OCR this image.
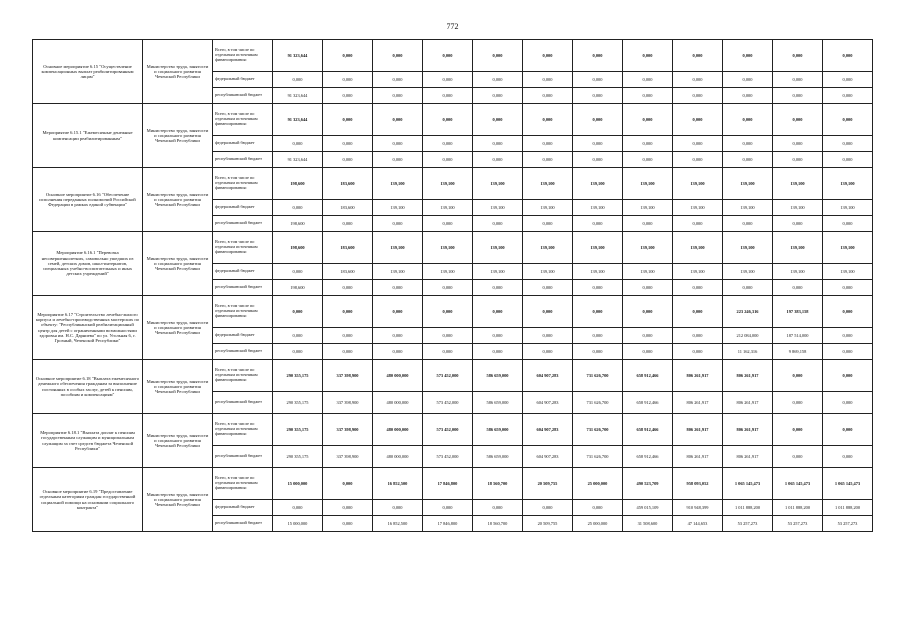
772
Основное мероприятие 6.15 "Осуществление компенсационных выплат реабилитированным лицам"	Министерство труда, занятости и социального развития Чеченской Республики	Всего, в том числе по отдельным источникам финансирования:	91 323,644	0,000	0,000	0,000	0,000	0,000	0,000	0,000	0,000	0,000	0,000	0,000
		федеральный бюджет	0,000	0,000	0,000	0,000	0,000	0,000	0,000	0,000	0,000	0,000	0,000	0,000
		республиканский бюджет	91 323,644	0,000	0,000	0,000	0,000	0,000	0,000	0,000	0,000	0,000	0,000	0,000
Мероприятие 6.15.1 "Ежемесячные денежные компенсации реабилитированным"	Министерство труда, занятости и социального развития Чеченской Республики	Всего, в том числе по отдельным источникам финансирования:	91 323,644	0,000	0,000	0,000	0,000	0,000	0,000	0,000	0,000	0,000	0,000	0,000
		федеральный бюджет	0,000	0,000	0,000	0,000	0,000	0,000	0,000	0,000	0,000	0,000	0,000	0,000
		республиканский бюджет	91 323,644	0,000	0,000	0,000	0,000	0,000	0,000	0,000	0,000	0,000	0,000	0,000
Основное мероприятие 6.16 "Обеспечение исполнения переданных полномочий Российской Федерации в рамках единой субвенции"	Министерство труда, занятости и социального развития Чеченской Республики	Всего, в том числе по отдельным источникам финансирования:	198,600	183,600	139,100	139,100	139,100	139,100	139,100	139,100	139,100	139,100	139,100	139,100
		федеральный бюджет	0,000	183,600	139,100	139,100	139,100	139,100	139,100	139,100	139,100	139,100	139,100	139,100
		республиканский бюджет	198,600	0,000	0,000	0,000	0,000	0,000	0,000	0,000	0,000	0,000	0,000	0,000
Мероприятие 6.16.1 "Перевозка несовершеннолетних, самовольно ушедших из семей, детских домов, школ-интернатов, специальных учебно-воспитательных и иных детских учреждений"	Министерство труда, занятости и социального развития Чеченской Республики	Всего, в том числе по отдельным источникам финансирования:	198,600	183,600	139,100	139,100	139,100	139,100	139,100	139,100	139,100	139,100	139,100	139,100
		федеральный бюджет	0,000	183,600	139,100	139,100	139,100	139,100	139,100	139,100	139,100	139,100	139,100	139,100
		республиканский бюджет	198,600	0,000	0,000	0,000	0,000	0,000	0,000	0,000	0,000	0,000	0,000	0,000
Мероприятие 6.17 "Строительство лечебно-жилого корпуса и лечебно-производственных мастерских по объекту: "Республиканский реабилитационный центр для детей с ограниченными возможностями здоровья им. Н.С. Дарниева" по ул. Угольная 6, г. Грозный, Чеченской Республики"	Министерство труда, занятости и социального развития Чеченской Республики	Всего, в том числе по отдельным источникам финансирования:	0,000	0,000	0,000	0,000	0,000	0,000	0,000	0,000	0,000	223 246,316	197 383,158	0,000
		федеральный бюджет	0,000	0,000	0,000	0,000	0,000	0,000	0,000	0,000	0,000	212 084,000	187 514,000	0,000
		республиканский бюджет	0,000	0,000	0,000	0,000	0,000	0,000	0,000	0,000	0,000	11 162,316	9 869,158	0,000
Основное мероприятие 6.18 "Выплата ежемесячного денежного обеспечения гражданам за выполнение постоянных в особых заслуг, детей к пенсиям, пособиям и компенсациям"	Министерство труда, занятости и социального развития Чеченской Республики	Всего, в том числе по отдельным источникам финансирования:	290 355,175	337 398,900	480 000,000	573 452,000	586 659,000	604 907,283	731 626,700	658 912,466	806 261,917	806 261,917	0,000	0,000
		республиканский бюджет	290 355,175	337 398,900	480 000,000	573 452,000	586 659,000	604 907,283	731 626,700	658 912,466	806 261,917	806 261,917	0,000	0,000
Мероприятие 6.18.1 "Выплата доплат к пенсиям государственным служащим и муниципальным служащим за счет средств бюджета Чеченской Республики"	Министерство труда, занятости и социального развития Чеченской Республики	Всего, в том числе по отдельным источникам финансирования:	290 355,175	337 398,900	480 000,000	573 452,000	586 659,000	604 907,283	731 626,700	658 912,466	806 261,917	806 261,917	0,000	0,000
		республиканский бюджет	290 355,175	337 398,900	480 000,000	573 452,000	586 659,000	604 907,283	731 626,700	658 912,466	806 261,917	806 261,917	0,000	0,000
Основное мероприятие 6.19 "Предоставление отдельным категориям граждан государственной социальной помощи на основании социального контракта"	Министерство труда, занятости и социального развития Чеченской Республики	Всего, в том числе по отдельным источникам финансирования:	15 000,000	0,000	16 852,500	17 846,800	18 560,700	20 509,755	25 000,000	490 523,709	958 093,052	1 065 145,473	1 065 145,473	1 065 145,473
		федеральный бюджет	0,000	0,000	0,000	0,000	0,000	0,000	0,000	459 015,109	910 948,399	1 011 888,200	1 011 888,200	1 011 888,200
		республиканский бюджет	15 000,000	0,000	16 852,500	17 846,800	18 560,700	20 509,755	25 000,000	31 508,600	47 144,653	53 257,273	53 257,273	53 257,273
